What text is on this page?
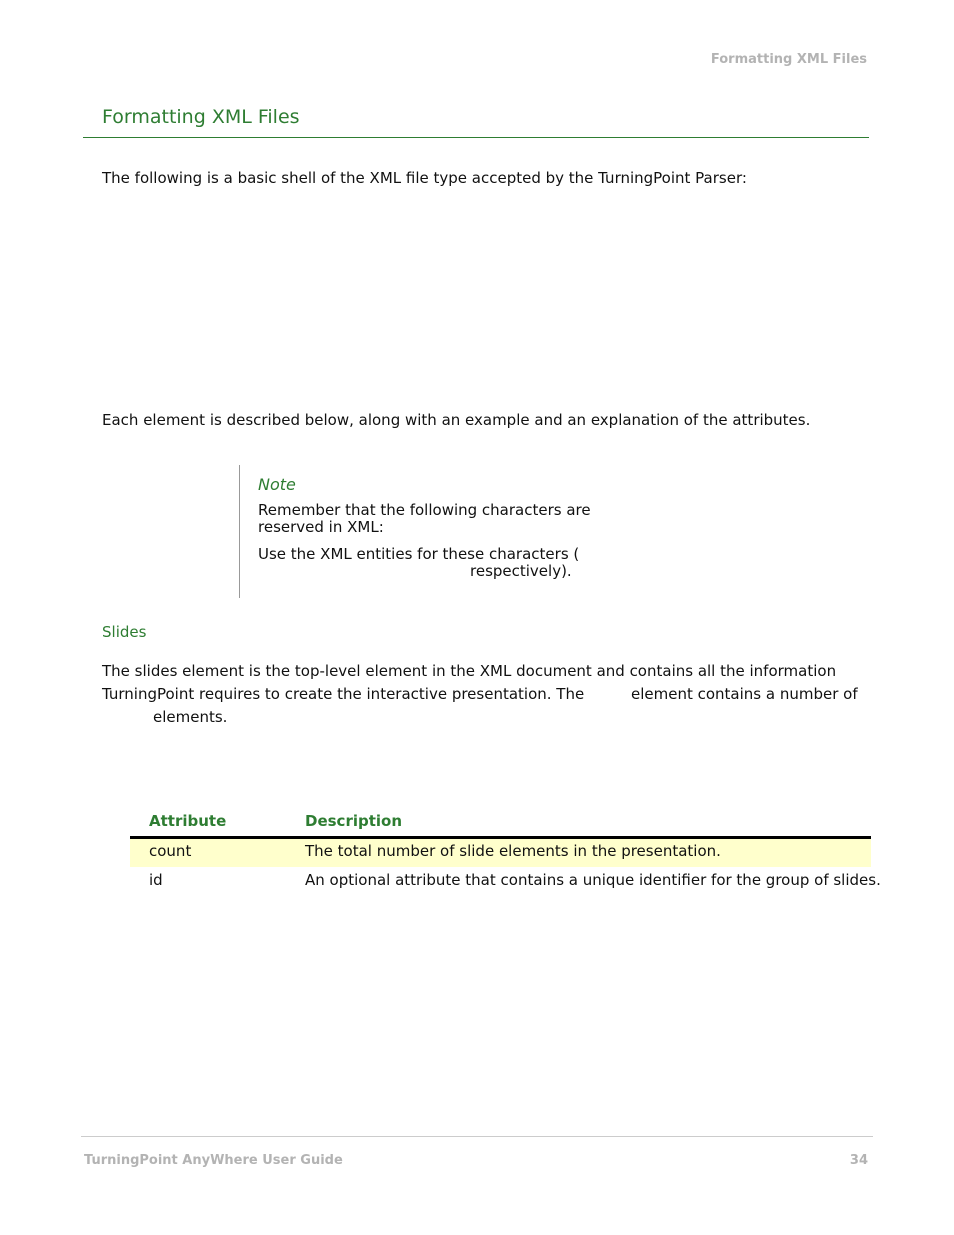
Formatting XML Files
Formatting XML Files
The following is a basic shell of the XML file type accepted by the TurningPoint Parser:
Each element is described below, along with an example and an explanation of the attributes.
Note
Remember that the following characters are
reserved in XML:
Use the XML entities for these characters (
respectively).
Slides
The slides element is the top-level element in the XML document and contains all the information
TurningPoint requires to create the interactive presentation. The	element contains a number of
elements.
Attribute	Description
count	The total number of slide elements in the presentation.
id	An optional attribute that contains a unique identifier for the group of slides.
TurningPoint AnyWhere User Guide	34
